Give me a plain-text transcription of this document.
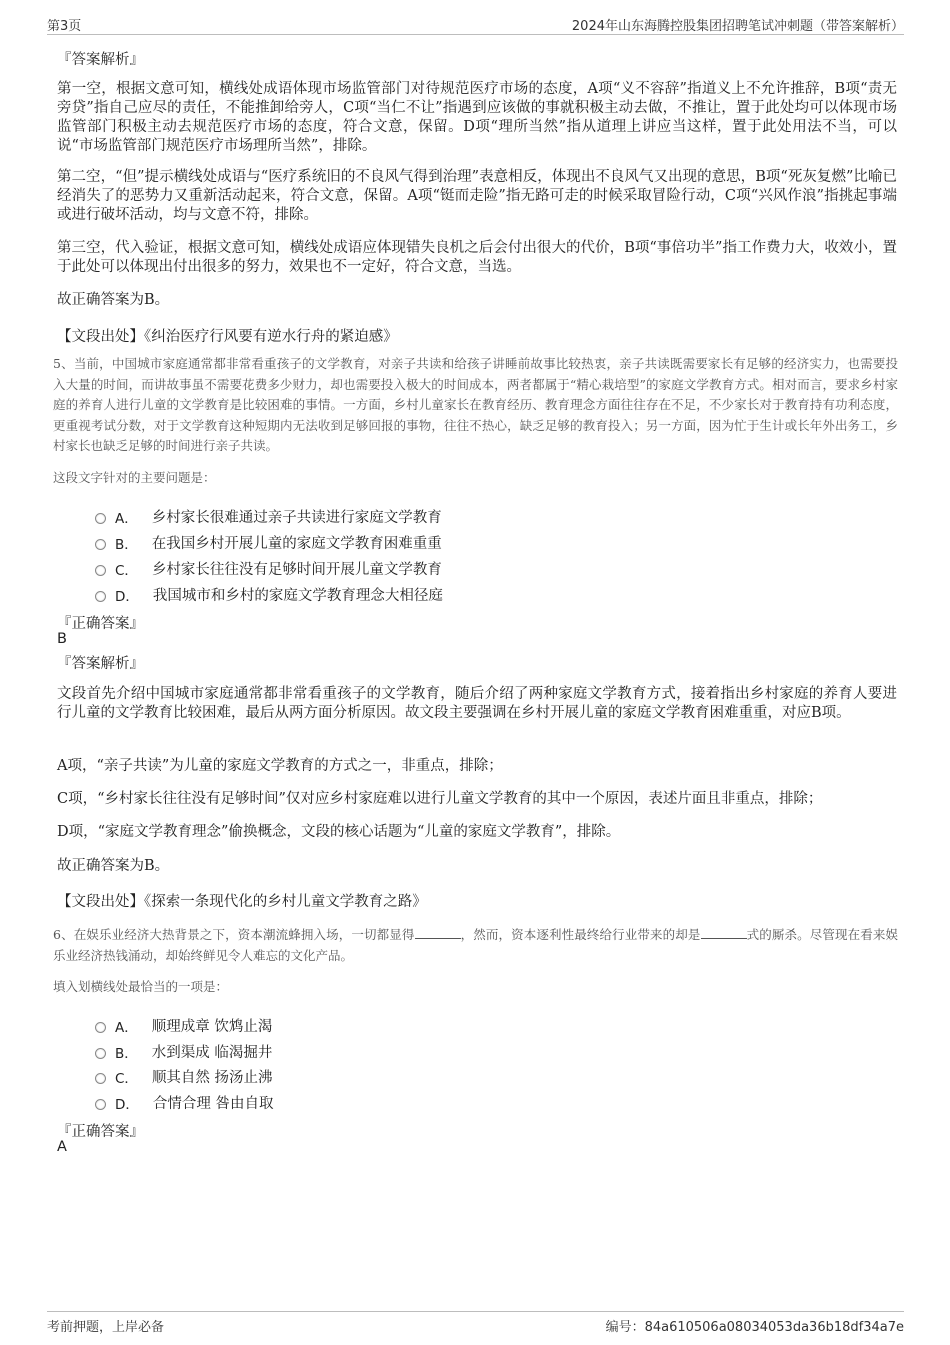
第3页	2024年山东海腾控股集团招聘笔试冲刺题（带答案解析）
『答案解析』
第一空，根据文意可知，横线处成语体现市场监管部门对待规范医疗市场的态度，A项“义不容辞”指道义上不允许推辞，B项“责无旁贷”指自己应尽的责任，不能推卸给旁人，C项“当仁不让”指遇到应该做的事就积极主动去做，不推让，置于此处均可以体现市场监管部门积极主动去规范医疗市场的态度，符合文意，保留。D项“理所当然”指从道理上讲应当这样，置于此处用法不当，可以说“市场监管部门规范医疗市场理所当然”，排除。
第二空，“但”提示横线处成语与“医疗系统旧的不良风气得到治理”表意相反，体现出不良风气又出现的意思，B项“死灰复燃”比喻已经消失了的恶势力又重新活动起来，符合文意，保留。A项“铤而走险”指无路可走的时候采取冒险行动，C项“兴风作浪”指挑起事端或进行破坏活动，均与文意不符，排除。
第三空，代入验证，根据文意可知，横线处成语应体现错失良机之后会付出很大的代价，B项“事倍功半”指工作费力大，收效小，置于此处可以体现出付出很多的努力，效果也不一定好，符合文意，当选。
故正确答案为B。
【文段出处】《纠治医疗行风要有逆水行舟的紧迫感》
5、当前，中国城市家庭通常都非常看重孩子的文学教育，对亲子共读和给孩子讲睡前故事比较热衷，亲子共读既需要家长有足够的经济实力，也需要投入大量的时间，而讲故事虽不需要花费多少财力，却也需要投入极大的时间成本，两者都属于“精心栽培型”的家庭文学教育方式。相对而言，要求乡村家庭的养育人进行儿童的文学教育是比较困难的事情。一方面，乡村儿童家长在教育经历、教育理念方面往往存在不足，不少家长对于教育持有功利态度，更重视考试分数，对于文学教育这种短期内无法收到足够回报的事物，往往不热心，缺乏足够的教育投入；另一方面，因为忙于生计或长年外出务工，乡村家长也缺乏足够的时间进行亲子共读。
这段文字针对的主要问题是：
A． 乡村家长很难通过亲子共读进行家庭文学教育
B． 在我国乡村开展儿童的家庭文学教育困难重重
C． 乡村家长往往没有足够时间开展儿童文学教育
D． 我国城市和乡村的家庭文学教育理念大相径庭
『正确答案』
B
『答案解析』
文段首先介绍中国城市家庭通常都非常看重孩子的文学教育，随后介绍了两种家庭文学教育方式，接着指出乡村家庭的养育人要进行儿童的文学教育比较困难，最后从两方面分析原因。故文段主要强调在乡村开展儿童的家庭文学教育困难重重，对应B项。
A项，“亲子共读”为儿童的家庭文学教育的方式之一，非重点，排除；
C项，“乡村家长往往没有足够时间”仅对应乡村家庭难以进行儿童文学教育的其中一个原因，表述片面且非重点，排除；
D项，“家庭文学教育理念”偷换概念，文段的核心话题为“儿童的家庭文学教育”，排除。
故正确答案为B。
【文段出处】《探索一条现代化的乡村儿童文学教育之路》
6、在娱乐业经济大热背景之下，资本潮流蜂拥入场，一切都显得	，然而，资本逐利性最终给行业带来的却是	式的厮杀。尽管现在看来娱乐业经济热钱涌动，却始终鲜见令人难忘的文化产品。
填入划横线处最恰当的一项是：
A． 顺理成章 饮鸩止渴
B． 水到渠成 临渴掘井
C． 顺其自然 扬汤止沸
D． 合情合理 咎由自取
『正确答案』
A
考前押题，上岸必备	编号：84a610506a08034053da36b18df34a7e
